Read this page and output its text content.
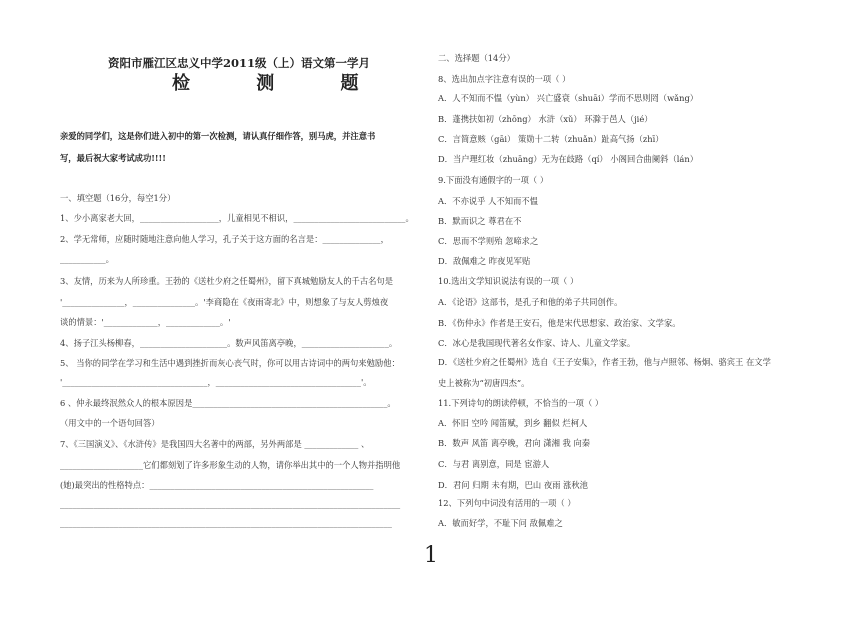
资阳市雁江区忠义中学2011级（上）语文第一学月
检 测 题
亲爱的同学们，这是你们进入初中的第一次检测，请认真仔细作答，别马虎，并注意书
写，最后祝大家考试成功!!!!
一、填空题（16分，每空1分）
1、少小离家老大回，___________________，儿童相见不相识，___________________________。
2、学无常师，应随时随地注意向他人学习，孔子关于这方面的名言是：______________，
___________。
3、友情，历来为人所珍重。王勃的《送杜少府之任蜀州》，留下真城勉励友人的千古名句是
'_______________，_______________。'李商隐在《夜雨寄北》中，则想象了与友人剪烛夜
谈的情景：'_____________，_____________。'
4、扬子江头杨柳春，_____________________。数声风笛离亭晚，_____________________。
5、 当你的同学在学习和生活中遇到挫折而灰心丧气时，你可以用古诗词中的两句来勉励他：
'___________________________________，___________________________________'。
6 、仲永最终泯然众人的根本原因是_______________________________________________。
（用文中的一个语句回答）
7、《三国演义》、《水浒传》是我国四大名著中的两部，另外两部是 _____________ 、
____________________它们都刻划了许多形象生动的人物，请你举出其中的一个人物并指明他
(她)最突出的性格特点：______________________________________________________
__________________________________________________________________________________
________________________________________________________________________________
二、选择题（14分）
8、选出加点字注意有误的一项（ ）
A．人不知而不愠（yùn） 兴亡盛衰（shuāi）学而不思则罔（wǎng）
B．蓬携扶如初（zhōng） 水浒（xǔ） 环滁于邑人（jié）
C．言简意赅（gāi） 策勋十二转（zhuǎn）趾高气扬（zhī）
D．当户理红妆（zhuāng）无为在歧路（qí） 小阁回合曲阑斜（lán）
9.下面没有通假字的一项（ ）
A．不亦说乎 人不知而不愠
B．默而识之 尊君在不
C．思而不学则殆 忽啼求之
D．敌佩难之 昨夜见军贴
10.选出文学知识说法有误的一项（ ）
A．《论语》这部书，是孔子和他的弟子共同创作。
B．《伤仲永》作者是王安石，他是宋代思想家、政治家、文学家。
C．冰心是我国现代著名女作家、诗人、儿童文学家。
D．《送杜少府之任蜀州》选自《王子安集》，作者王勃，他与卢照邻、杨炯、骆宾王 在文学
史上被称为“初唐四杰”。
11.下列诗句的朗读停顿，不恰当的一项（ ）
A．怀旧 空吟 闻笛赋，到乡 翻似 烂柯人
B．数声 风笛 离亭晚，君向 潇湘 我 向秦
C．与君 离别意，同是 宦游人
D．君问 归期 未有期，巴山 夜雨 涨秋池
12、下列句中词没有活用的一项（ ）
A．敏而好学，不耻下问 敌佩难之
1
